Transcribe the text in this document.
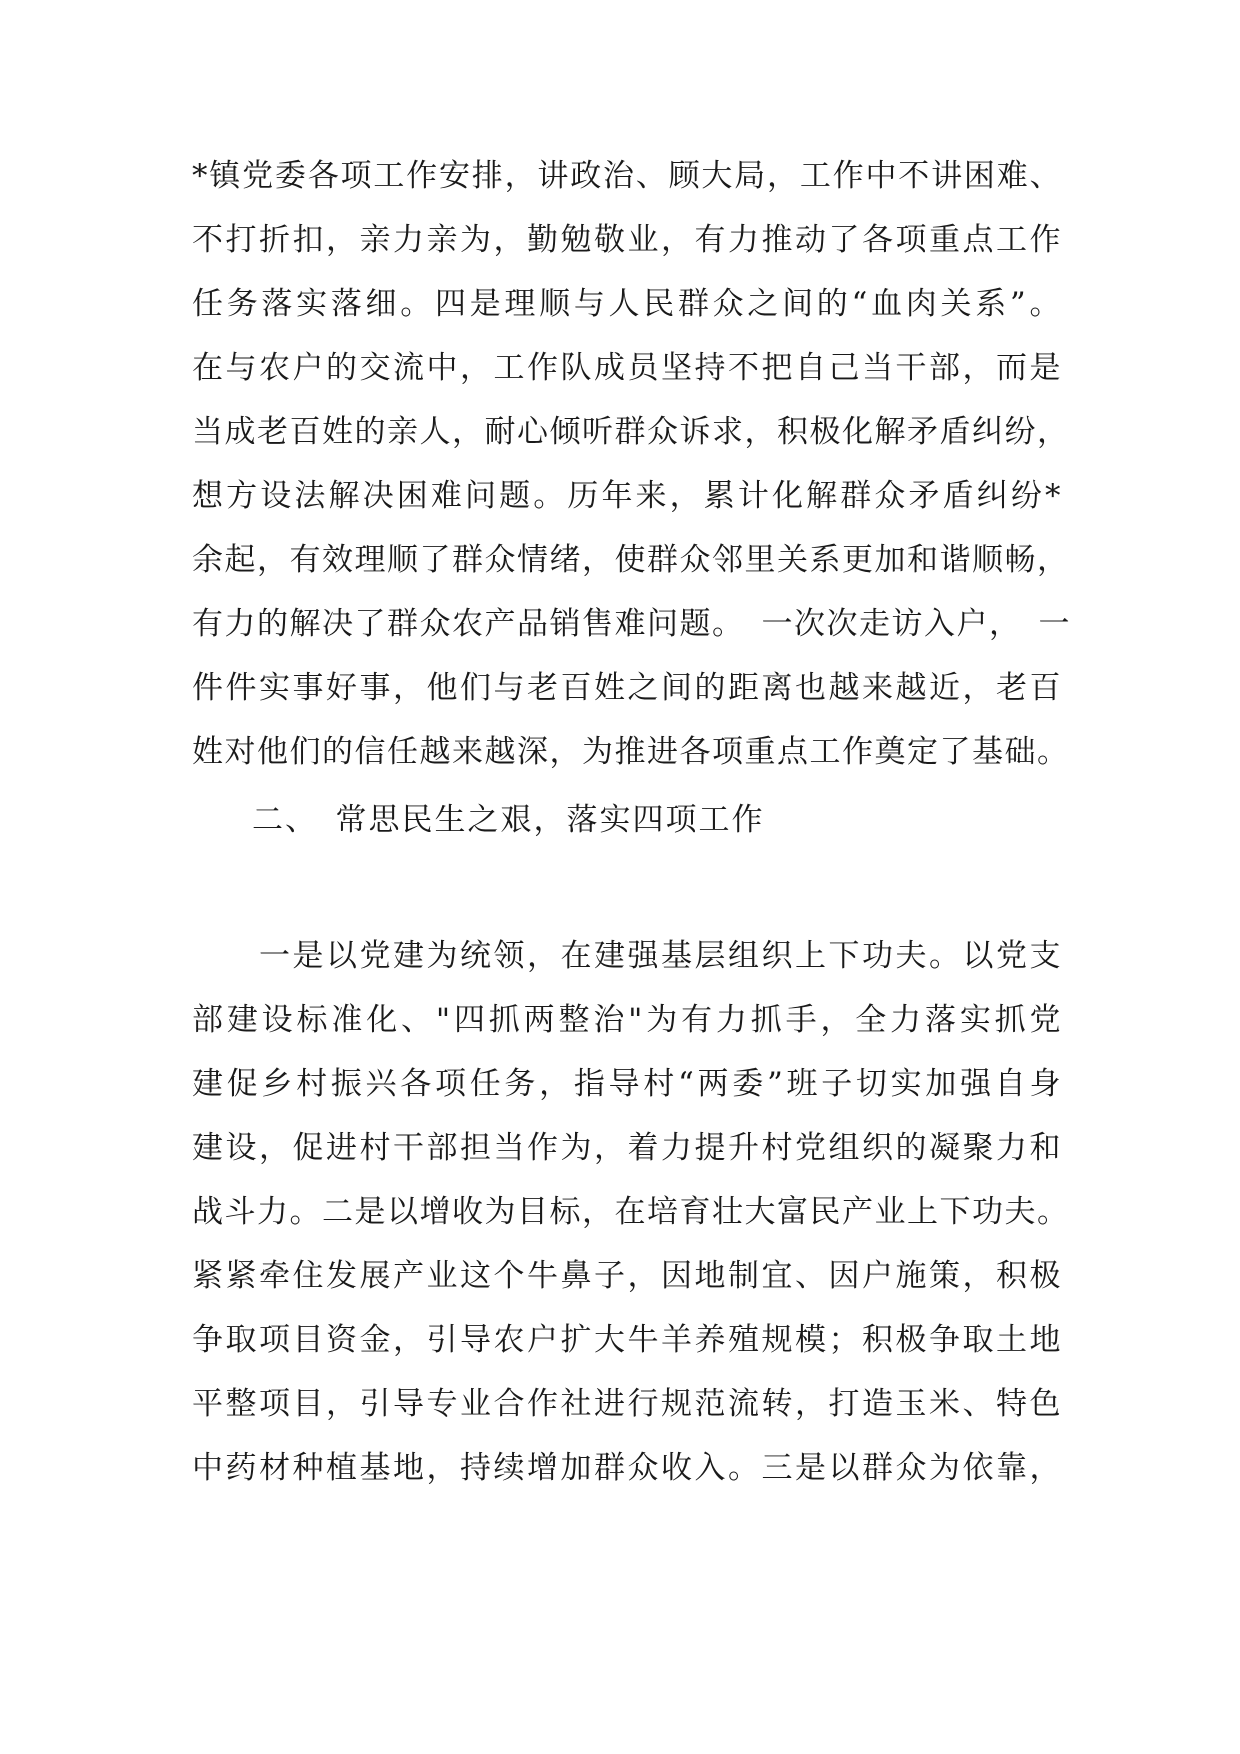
*镇党委各项工作安排，讲政治、顾大局，工作中不讲困难、
不打折扣，亲力亲为，勤勉敬业，有力推动了各项重点工作
任务落实落细。四是理顺与人民群众之间的“血肉关系”。
在与农户的交流中，工作队成员坚持不把自己当干部，而是
当成老百姓的亲人，耐心倾听群众诉求，积极化解矛盾纠纷，
想方设法解决困难问题。历年来，累计化解群众矛盾纠纷*
余起，有效理顺了群众情绪，使群众邻里关系更加和谐顺畅，
有力的解决了群众农产品销售难问题。　一次次走访入户，　一
件件实事好事，他们与老百姓之间的距离也越来越近，老百
姓对他们的信任越来越深，为推进各项重点工作奠定了基础。
二、　常思民生之艰，落实四项工作
　　一是以党建为统领，在建强基层组织上下功夫。以党支
部建设标准化、"四抓两整治"为有力抓手，全力落实抓党
建促乡村振兴各项任务，指导村“两委”班子切实加强自身
建设，促进村干部担当作为，着力提升村党组织的凝聚力和
战斗力。二是以增收为目标，在培育壮大富民产业上下功夫。
紧紧牵住发展产业这个牛鼻子，因地制宜、因户施策，积极
争取项目资金，引导农户扩大牛羊养殖规模；积极争取土地
平整项目，引导专业合作社进行规范流转，打造玉米、特色
中药材种植基地，持续增加群众收入。三是以群众为依靠，
